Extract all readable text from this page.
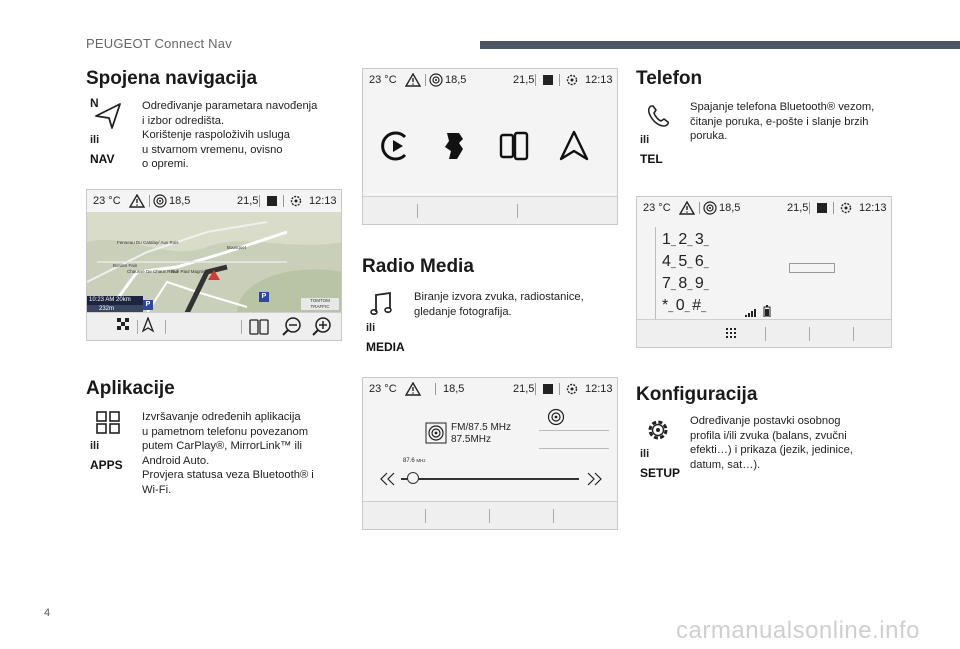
PEUGEOT Connect Nav
Spojena navigacija
N
ili
NAV

Određivanje parametara navođenja

i izbor odredišta.

Korištenje raspoloživih usluga

u stvarnom vremenu, ovisno

o opremi.

23 °C	18,5	21,5	12:13
Fenneau Du Catalay/ Aux Rois
Bousquet
Bordes Fain
Chaussé De Chaux Road
Rue Paul Magnin
10:23 AM 20km
232m
P
P
TOMTOM TRAFFIC
Aplikacije
ili
APPS

Izvršavanje određenih aplikacija

u pametnom telefonu povezanom

putem CarPlay®, MirrorLink™ ili

Android Auto.

Provjera statusa veza Bluetooth® i

Wi-Fi.

23 °C	18,5	21,5	12:13
Radio Media
ili
MEDIA

Biranje izvora zvuka, radiostanice,

gledanje fotografija.

23 °C	18,5	21,5	12:13
FM/87.5 MHz
87.5MHz
87.6 MHz
Telefon
ili
TEL

Spajanje telefona Bluetooth® vezom,

čitanje poruka, e-pošte i slanje brzih

poruka.

23 °C	18,5	21,5	12:13
1_ 2_ 3_
4_ 5_ 6_
7_ 8_ 9_
*_ 0_ #_
Konfiguracija
ili
SETUP

Određivanje postavki osobnog

profila i/ili zvuka (balans, zvučni

efekti…) i prikaza (jezik, jedinice,

datum, sat…).

4
carmanualsonline.info
